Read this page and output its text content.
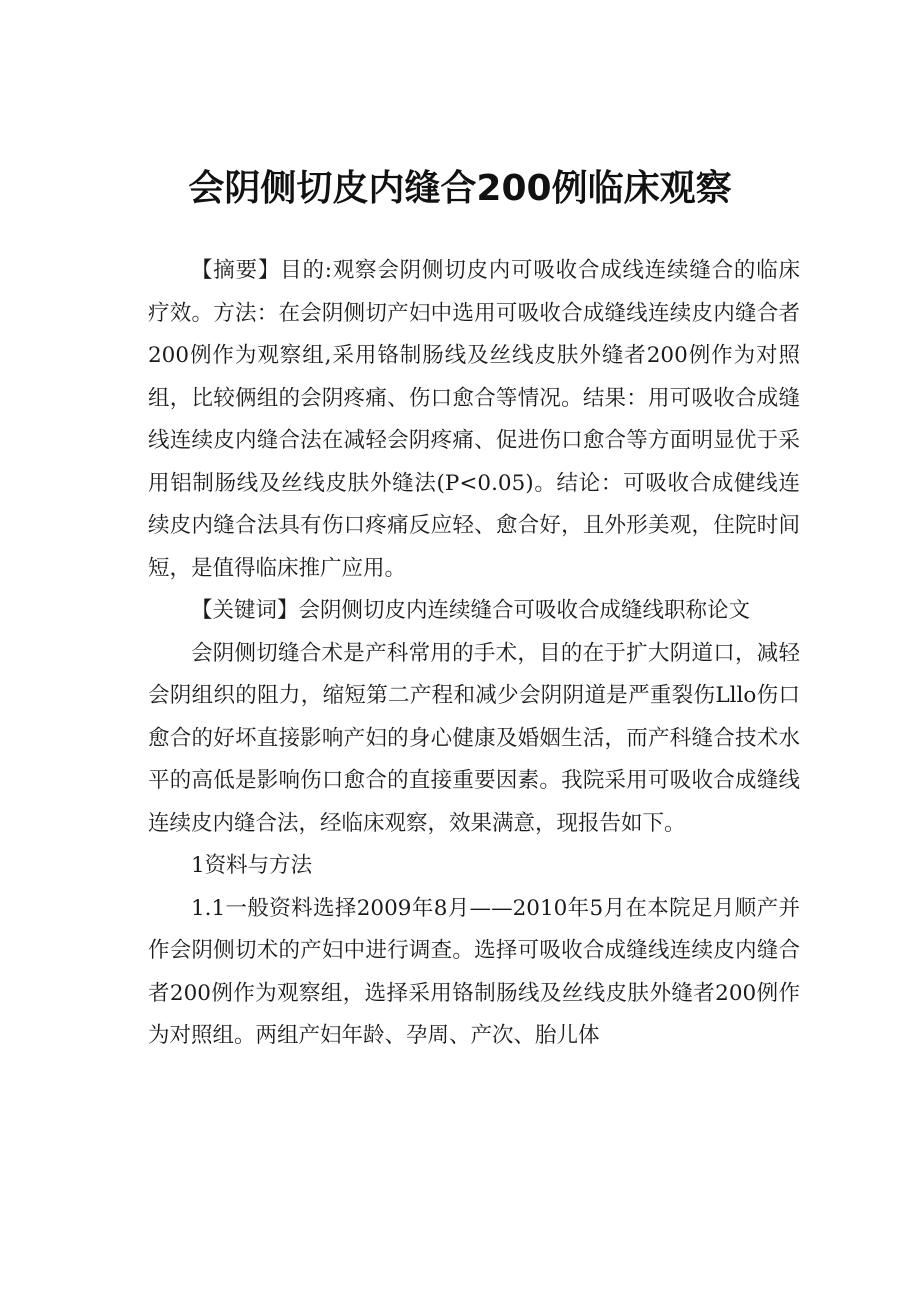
会阴侧切皮内缝合200例临床观察

【摘要】目的:观察会阴侧切皮内可吸收合成线连续缝合的临床疗效。方法：在会阴侧切产妇中选用可吸收合成缝线连续皮内缝合者200例作为观察组,采用铬制肠线及丝线皮肤外缝者200例作为对照组，比较俩组的会阴疼痛、伤口愈合等情况。结果：用可吸收合成缝线连续皮内缝合法在减轻会阴疼痛、促进伤口愈合等方面明显优于采用铝制肠线及丝线皮肤外缝法(P<0.05)。结论：可吸收合成健线连续皮内缝合法具有伤口疼痛反应轻、愈合好，且外形美观，住院时间短，是值得临床推广应用。

【关键词】会阴侧切皮内连续缝合可吸收合成缝线职称论文

会阴侧切缝合术是产科常用的手术，目的在于扩大阴道口，减轻会阴组织的阻力，缩短第二产程和减少会阴阴道是严重裂伤Lllo伤口愈合的好坏直接影响产妇的身心健康及婚姻生活，而产科缝合技术水平的高低是影响伤口愈合的直接重要因素。我院采用可吸收合成缝线连续皮内缝合法，经临床观察，效果满意，现报告如下。

1资料与方法

1.1一般资料选择2009年8月——2010年5月在本院足月顺产并作会阴侧切术的产妇中进行调查。选择可吸收合成缝线连续皮内缝合者200例作为观察组，选择采用铬制肠线及丝线皮肤外缝者200例作为对照组。两组产妇年龄、孕周、产次、胎儿体
